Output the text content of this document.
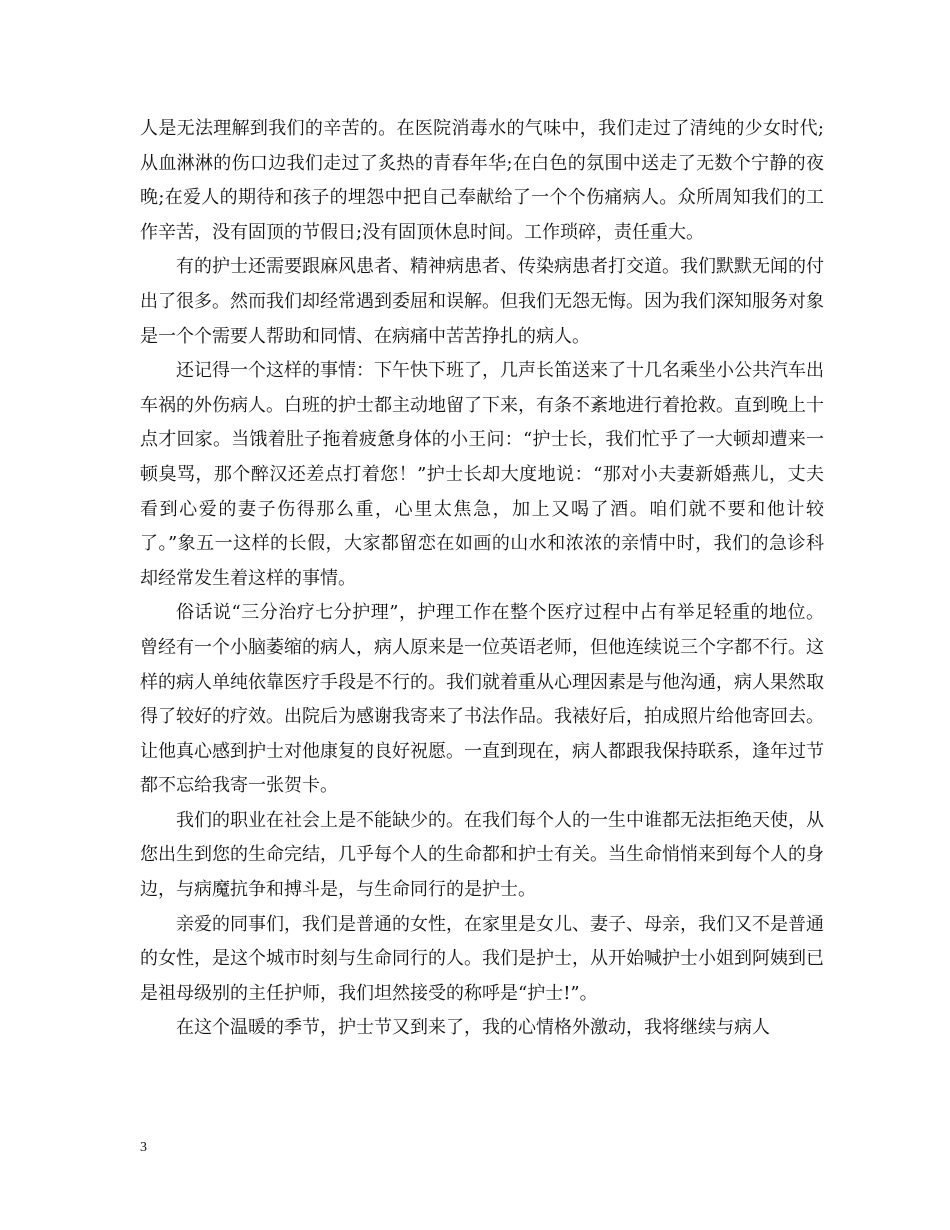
人是无法理解到我们的辛苦的。在医院消毒水的气味中，我们走过了清纯的少女时代;从血淋淋的伤口边我们走过了炙热的青春年华;在白色的氛围中送走了无数个宁静的夜晚;在爱人的期待和孩子的埋怨中把自己奉献给了一个个伤痛病人。众所周知我们的工作辛苦，没有固顶的节假日;没有固顶休息时间。工作琐碎，责任重大。

有的护士还需要跟麻风患者、精神病患者、传染病患者打交道。我们默默无闻的付出了很多。然而我们却经常遇到委屈和误解。但我们无怨无悔。因为我们深知服务对象是一个个需要人帮助和同情、在病痛中苦苦挣扎的病人。

还记得一个这样的事情：下午快下班了，几声长笛送来了十几名乘坐小公共汽车出车祸的外伤病人。白班的护士都主动地留了下来，有条不紊地进行着抢救。直到晚上十点才回家。当饿着肚子拖着疲惫身体的小王问：“护士长，我们忙乎了一大顿却遭来一顿臭骂，那个醉汉还差点打着您！”护士长却大度地说：“那对小夫妻新婚燕儿，丈夫看到心爱的妻子伤得那么重，心里太焦急，加上又喝了酒。咱们就不要和他计较了。”象五一这样的长假，大家都留恋在如画的山水和浓浓的亲情中时，我们的急诊科却经常发生着这样的事情。

俗话说“三分治疗七分护理”，护理工作在整个医疗过程中占有举足轻重的地位。曾经有一个小脑萎缩的病人，病人原来是一位英语老师，但他连续说三个字都不行。这样的病人单纯依靠医疗手段是不行的。我们就着重从心理因素是与他沟通，病人果然取得了较好的疗效。出院后为感谢我寄来了书法作品。我裱好后，拍成照片给他寄回去。让他真心感到护士对他康复的良好祝愿。一直到现在，病人都跟我保持联系，逢年过节都不忘给我寄一张贺卡。

我们的职业在社会上是不能缺少的。在我们每个人的一生中谁都无法拒绝天使，从您出生到您的生命完结，几乎每个人的生命都和护士有关。当生命悄悄来到每个人的身边，与病魔抗争和搏斗是，与生命同行的是护士。

亲爱的同事们，我们是普通的女性，在家里是女儿、妻子、母亲，我们又不是普通的女性，是这个城市时刻与生命同行的人。我们是护士，从开始喊护士小姐到阿姨到已是祖母级别的主任护师，我们坦然接受的称呼是“护士!”。

在这个温暖的季节，护士节又到来了，我的心情格外激动，我将继续与病人

3
